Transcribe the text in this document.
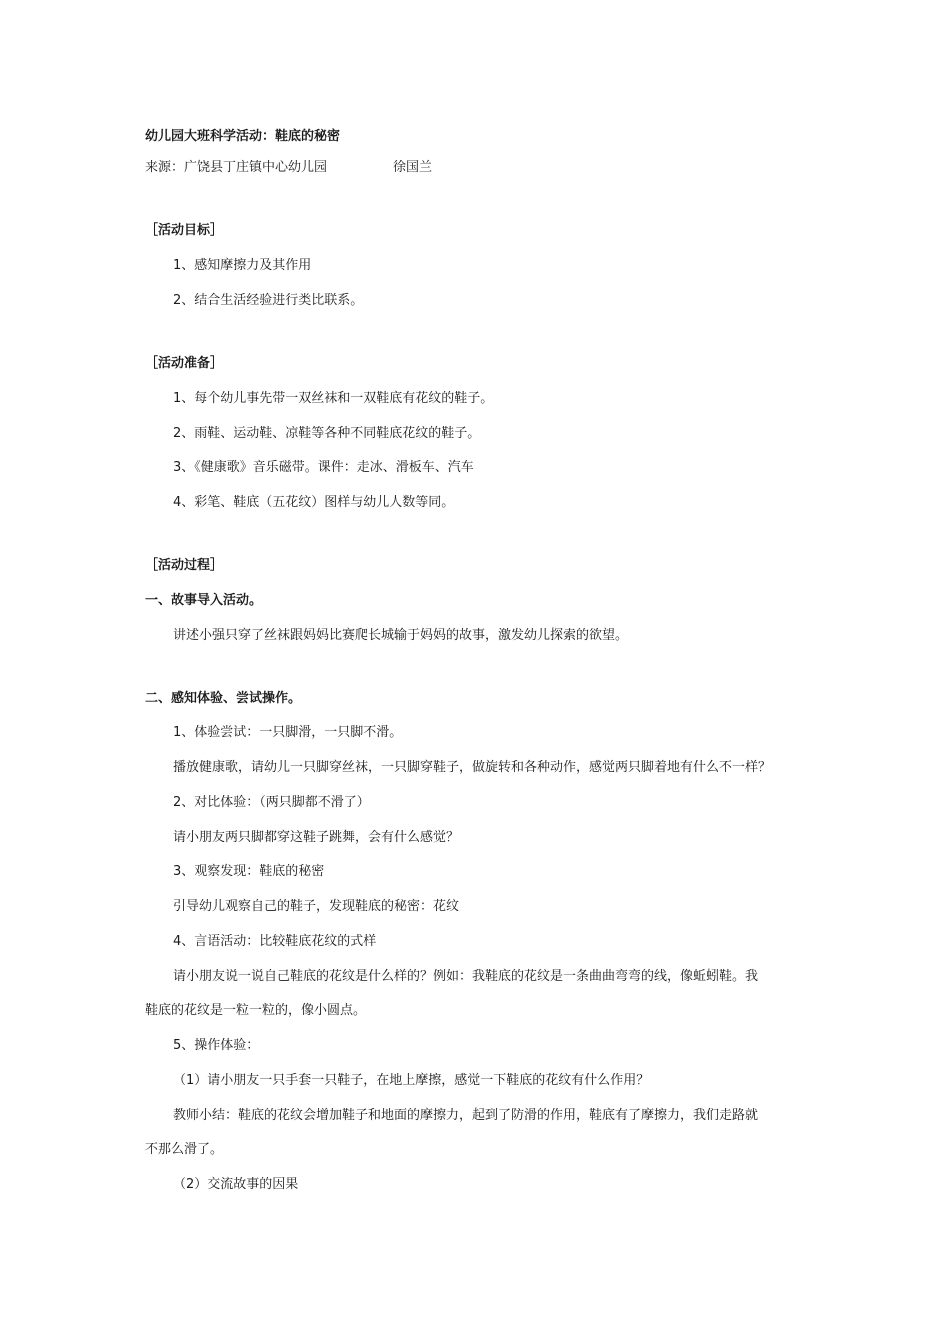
幼儿园大班科学活动：鞋底的秘密
来源：广饶县丁庄镇中心幼儿园	徐国兰
［活动目标］
1、感知摩擦力及其作用
2、结合生活经验进行类比联系。
［活动准备］
1、每个幼儿事先带一双丝袜和一双鞋底有花纹的鞋子。
2、雨鞋、运动鞋、凉鞋等各种不同鞋底花纹的鞋子。
3、《健康歌》音乐磁带。课件：走冰、滑板车、汽车
4、彩笔、鞋底（五花纹）图样与幼儿人数等同。
［活动过程］
一、故事导入活动。
讲述小强只穿了丝袜跟妈妈比赛爬长城输于妈妈的故事，激发幼儿探索的欲望。
二、感知体验、尝试操作。
1、体验尝试：一只脚滑，一只脚不滑。
播放健康歌，请幼儿一只脚穿丝袜，一只脚穿鞋子，做旋转和各种动作，感觉两只脚着地有什么不一样？
2、对比体验：（两只脚都不滑了）
请小朋友两只脚都穿这鞋子跳舞，会有什么感觉？
3、观察发现：鞋底的秘密
引导幼儿观察自己的鞋子，发现鞋底的秘密：花纹
4、言语活动：比较鞋底花纹的式样
请小朋友说一说自己鞋底的花纹是什么样的？例如：我鞋底的花纹是一条曲曲弯弯的线，像蚯蚓鞋。我
鞋底的花纹是一粒一粒的，像小圆点。
5、操作体验：
（1）请小朋友一只手套一只鞋子，在地上摩擦，感觉一下鞋底的花纹有什么作用？
教师小结：鞋底的花纹会增加鞋子和地面的摩擦力，起到了防滑的作用，鞋底有了摩擦力，我们走路就
不那么滑了。
（2）交流故事的因果
